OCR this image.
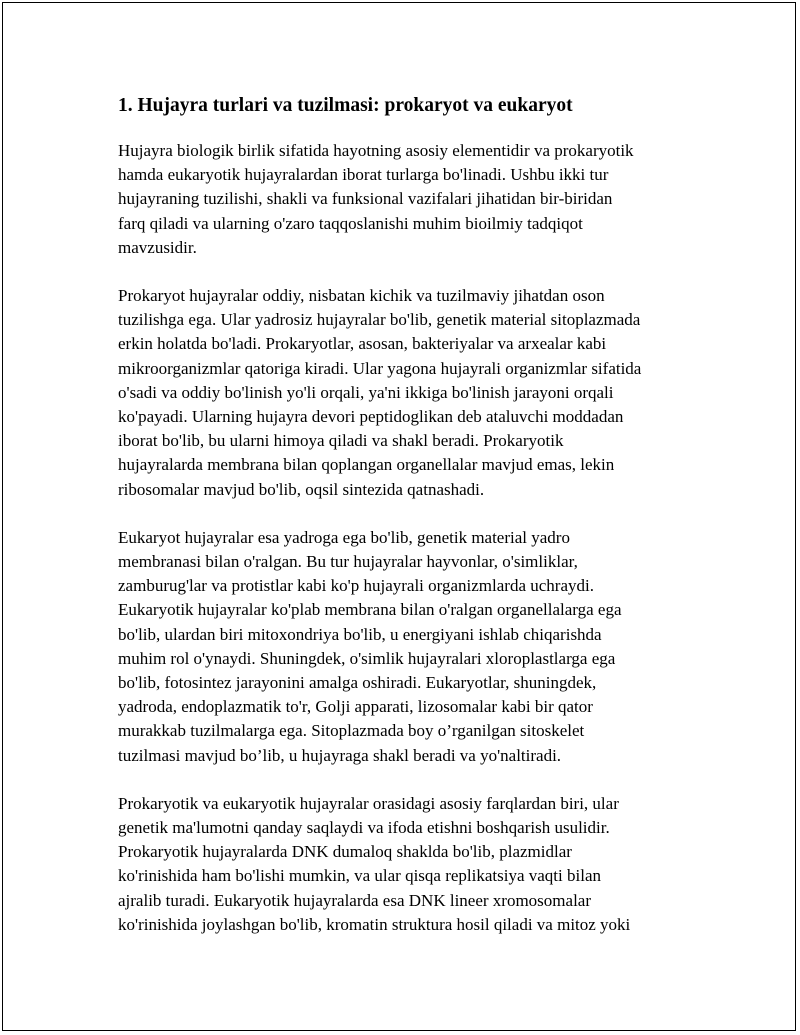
1. Hujayra turlari va tuzilmasi: prokaryot va eukaryot

Hujayra biologik birlik sifatida hayotning asosiy elementidir va prokaryotik
hamda eukaryotik hujayralardan iborat turlarga bo'linadi. Ushbu ikki tur
hujayraning tuzilishi, shakli va funksional vazifalari jihatidan bir-biridan
farq qiladi va ularning o'zaro taqqoslanishi muhim bioilmiy tadqiqot
mavzusidir.

Prokaryot hujayralar oddiy, nisbatan kichik va tuzilmaviy jihatdan oson
tuzilishga ega. Ular yadrosiz hujayralar bo'lib, genetik material sitoplazmada
erkin holatda bo'ladi. Prokaryotlar, asosan, bakteriyalar va arxealar kabi
mikroorganizmlar qatoriga kiradi. Ular yagona hujayrali organizmlar sifatida
o'sadi va oddiy bo'linish yo'li orqali, ya'ni ikkiga bo'linish jarayoni orqali
ko'payadi. Ularning hujayra devori peptidoglikan deb ataluvchi moddadan
iborat bo'lib, bu ularni himoya qiladi va shakl beradi. Prokaryotik
hujayralarda membrana bilan qoplangan organellalar mavjud emas, lekin
ribosomalar mavjud bo'lib, oqsil sintezida qatnashadi.

Eukaryot hujayralar esa yadroga ega bo'lib, genetik material yadro
membranasi bilan o'ralgan. Bu tur hujayralar hayvonlar, o'simliklar,
zamburug'lar va protistlar kabi ko'p hujayrali organizmlarda uchraydi.
Eukaryotik hujayralar ko'plab membrana bilan o'ralgan organellalarga ega
bo'lib, ulardan biri mitoxondriya bo'lib, u energiyani ishlab chiqarishda
muhim rol o'ynaydi. Shuningdek, o'simlik hujayralari xloroplastlarga ega
bo'lib, fotosintez jarayonini amalga oshiradi. Eukaryotlar, shuningdek,
yadroda, endoplazmatik to'r, Golji apparati, lizosomalar kabi bir qator
murakkab tuzilmalarga ega. Sitoplazmada boy o’rganilgan sitoskelet
tuzilmasi mavjud bo’lib, u hujayraga shakl beradi va yo'naltiradi.

Prokaryotik va eukaryotik hujayralar orasidagi asosiy farqlardan biri, ular
genetik ma'lumotni qanday saqlaydi va ifoda etishni boshqarish usulidir.
Prokaryotik hujayralarda DNK dumaloq shaklda bo'lib, plazmidlar
ko'rinishida ham bo'lishi mumkin, va ular qisqa replikatsiya vaqti bilan
ajralib turadi. Eukaryotik hujayralarda esa DNK lineer xromosomalar
ko'rinishida joylashgan bo'lib, kromatin struktura hosil qiladi va mitoz yoki
